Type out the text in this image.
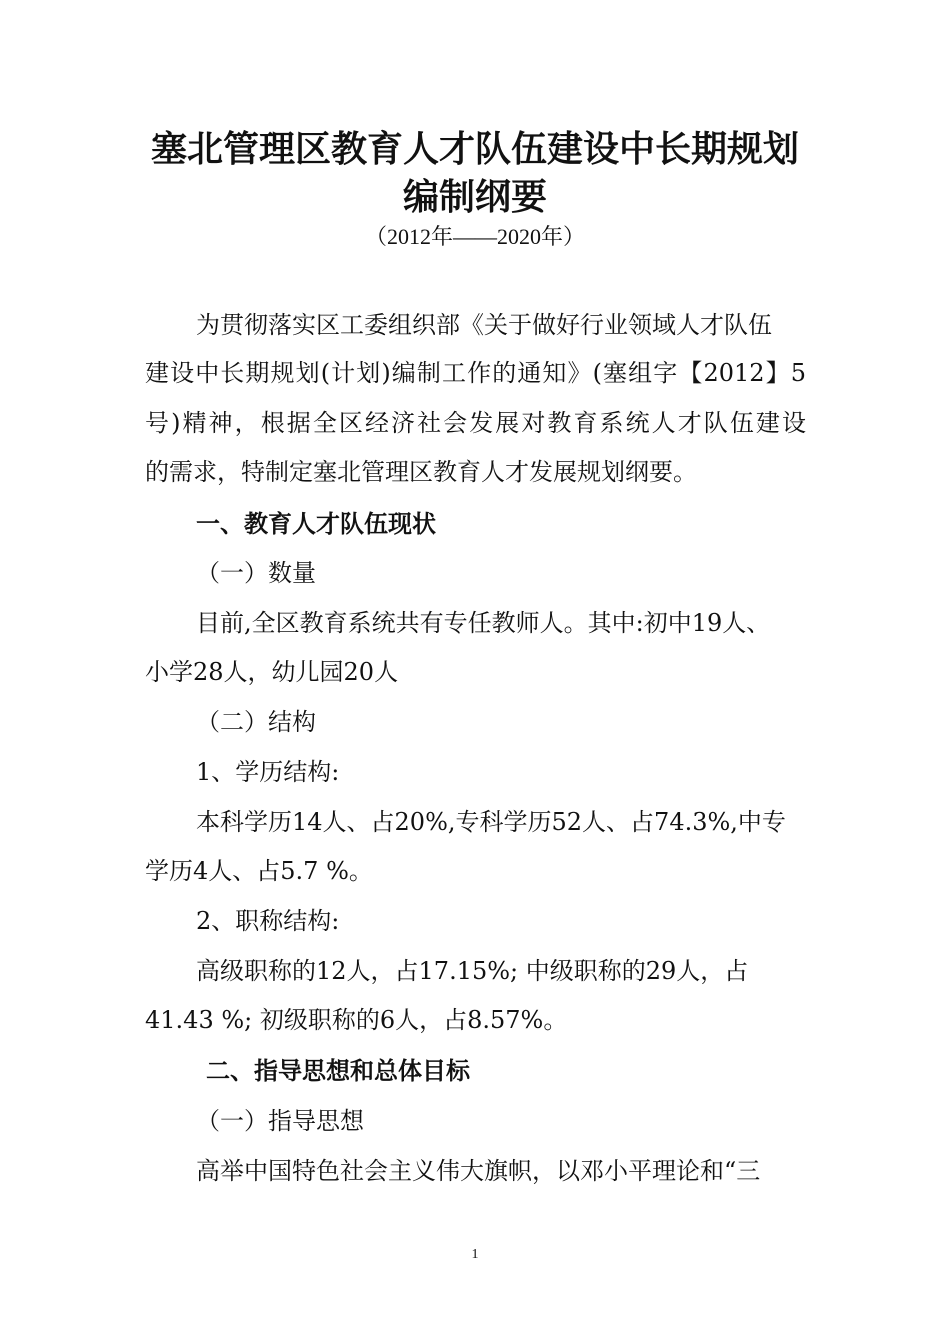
塞北管理区教育人才队伍建设中长期规划
编制纲要
（2012年——2020年）
为贯彻落实区工委组织部《关于做好行业领域人才队伍
建设中长期规划(计划)编制工作的通知》(塞组字【2012】5
号)精神，根据全区经济社会发展对教育系统人才队伍建设
的需求，特制定塞北管理区教育人才发展规划纲要。
一、教育人才队伍现状
（一）数量
目前,全区教育系统共有专任教师人。其中:初中19人、
小学28人，幼儿园20人
（二）结构
1、学历结构:
本科学历14人、占20%,专科学历52人、占74.3%,中专
学历4人、占5.7 %。
2、职称结构:
高级职称的12人，占17.15%; 中级职称的29人，占
41.43 %; 初级职称的6人，占8.57%。
二、指导思想和总体目标
（一）指导思想
高举中国特色社会主义伟大旗帜，以邓小平理论和“三
1
